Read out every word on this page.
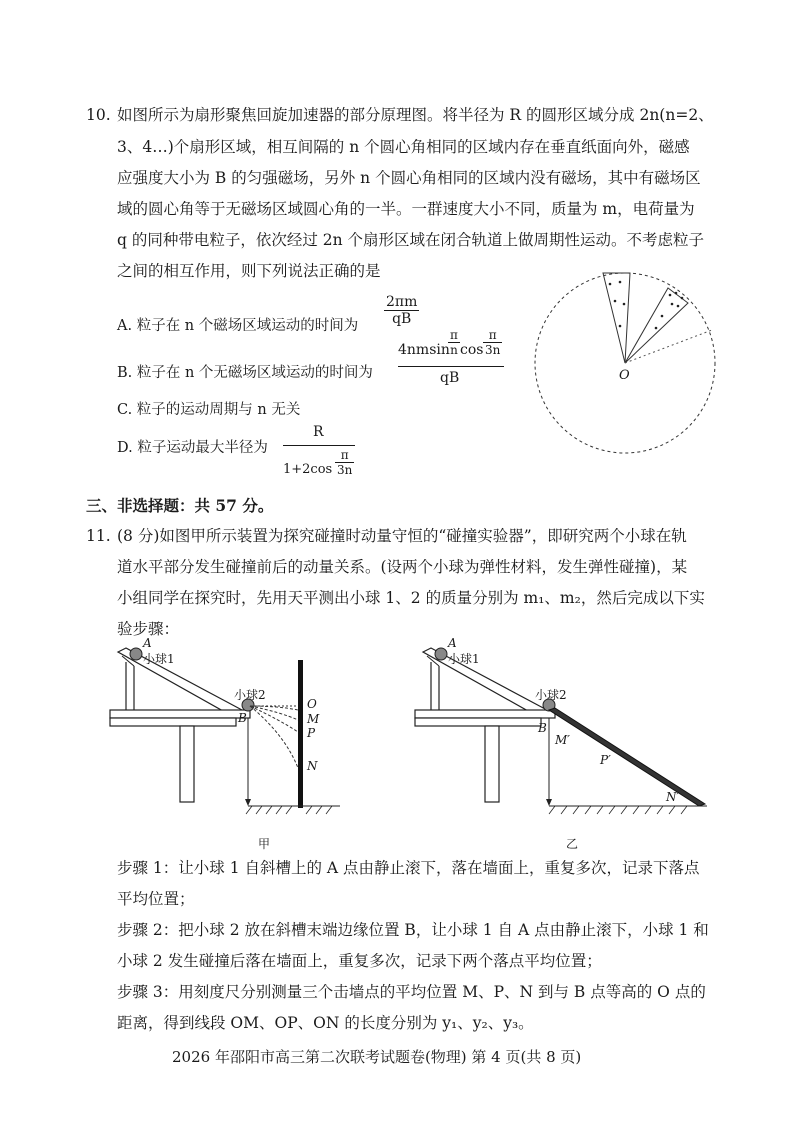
10. 如图所示为扇形聚焦回旋加速器的部分原理图。将半径为 R 的圆形区域分成 2n(n=2、
3、4…)个扇形区域，相互间隔的 n 个圆心角相同的区域内存在垂直纸面向外，磁感
应强度大小为 B 的匀强磁场，另外 n 个圆心角相同的区域内没有磁场，其中有磁场区
域的圆心角等于无磁场区域圆心角的一半。一群速度大小不同，质量为 m，电荷量为
q 的同种带电粒子，依次经过 2n 个扇形区域在闭合轨道上做周期性运动。不考虑粒子
之间的相互作用，则下列说法正确的是
A. 粒子在 n 个磁场区域运动的时间为
2πm
qB
B. 粒子在 n 个无磁场区域运动的时间为
4nmsin
π
n cos
π
3n
qB
C. 粒子的运动周期与 n 无关
D. 粒子运动最大半径为
R
1+2cos
π
3n
O
三、非选择题：共 57 分。
11. (8 分)如图甲所示装置为探究碰撞时动量守恒的“碰撞实验器”，即研究两个小球在轨
道水平部分发生碰撞前后的动量关系。(设两个小球为弹性材料，发生弹性碰撞)，某
小组同学在探究时，先用天平测出小球 1、2 的质量分别为 m₁、m₂，然后完成以下实
验步骤：
A
小球1
小球2
B
O
M
P
N
甲
A
小球1
小球2
B
M′
P′
N′
乙
步骤 1：让小球 1 自斜槽上的 A 点由静止滚下，落在墙面上，重复多次，记录下落点
平均位置；
步骤 2：把小球 2 放在斜槽末端边缘位置 B，让小球 1 自 A 点由静止滚下，小球 1 和
小球 2 发生碰撞后落在墙面上，重复多次，记录下两个落点平均位置；
步骤 3：用刻度尺分别测量三个击墙点的平均位置 M、P、N 到与 B 点等高的 O 点的
距离，得到线段 OM、OP、ON 的长度分别为 y₁、y₂、y₃。
2026 年邵阳市高三第二次联考试题卷(物理) 第 4 页(共 8 页)
